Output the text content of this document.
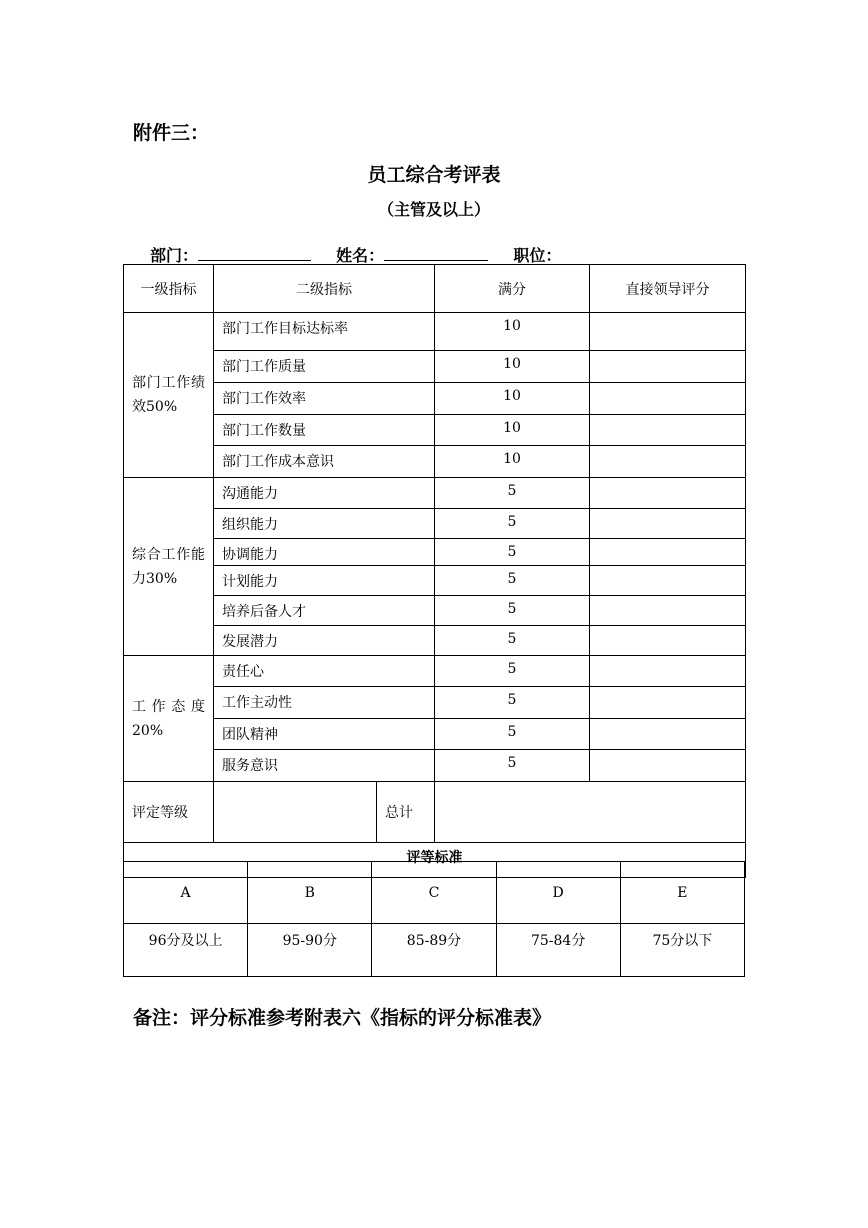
附件三：
员工综合考评表
（主管及以上）
部门：	姓名：	职位：
一级指标	二级指标		满分	直接领导评分
部门工作绩效50%	部门工作目标达标率		10	
	部门工作质量		10	
	部门工作效率		10	
	部门工作数量		10	
	部门工作成本意识		10	
综合工作能力30%	沟通能力		5	
	组织能力		5	
	协调能力		5	
	计划能力		5	
	培养后备人才		5	
	发展潜力		5	
工作态度20%	责任心		5	
	工作主动性		5	
	团队精神		5	
	服务意识		5	
评定等级		总计		
评等标准				
A	B	C	D	E
96分及以上	95-90分	85-89分	75-84分	75分以下
备注：评分标准参考附表六《指标的评分标准表》
